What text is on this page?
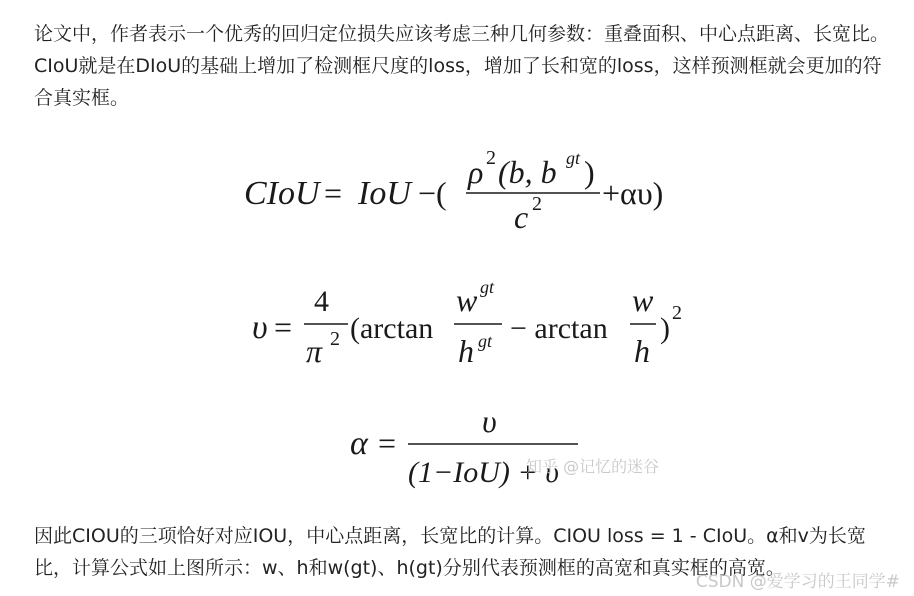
论文中，作者表示一个优秀的回归定位损失应该考虑三种几何参数：重叠面积、中心点距离、长宽比。CIoU就是在DIoU的基础上增加了检测框尺度的loss，增加了长和宽的loss，这样预测框就会更加的符合真实框。

CIoU = IoU −(
ρ 2 (b, b gt )
c 2 +αυ)
υ =
4
π 2 (arctan
w gt
h gt − arctan
w
h
) 2
α =
υ
(1−IoU) + υ
知乎 @记忆的迷谷

因此CIOU的三项恰好对应IOU，中心点距离，长宽比的计算。CIOU loss = 1 - CIoU。α和v为长宽比，计算公式如上图所示：w、h和w(gt)、h(gt)分别代表预测框的高宽和真实框的高宽。

CSDN @爱学习的王同学#
